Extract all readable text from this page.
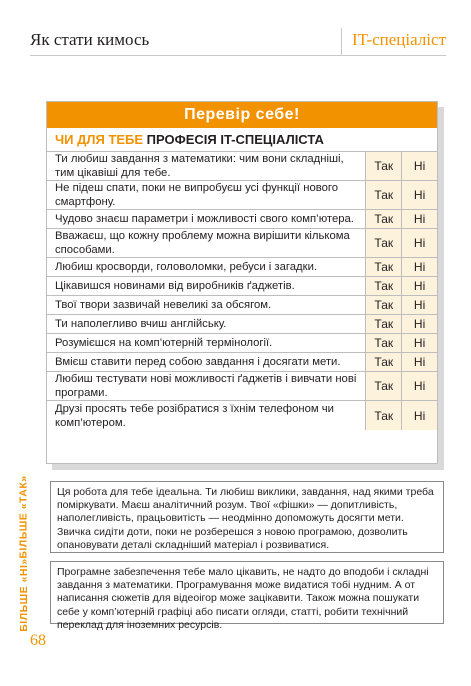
Як стати кимось	IT-спеціаліст
Перевір себе!
ЧИ ДЛЯ ТЕБЕ ПРОФЕСІЯ IT-СПЕЦІАЛІСТА
Ти любиш завдання з математики: чим вони складніші, тим цікавіші для тебе.	Так	Ні
Не підеш спати, поки не випробуєш усі функції нового смартфону.	Так	Ні
Чудово знаєш параметри і можливості свого комп’ютера.	Так	Ні
Вважаєш, що кожну проблему можна вирішити кількома способами.	Так	Ні
Любиш кросворди, головоломки, ребуси і загадки.	Так	Ні
Цікавишся новинами від виробників ґаджетів.	Так	Ні
Твої твори зазвичай невеликі за обсягом.	Так	Ні
Ти наполегливо вчиш англійську.	Так	Ні
Розумієшся на комп’ютерній термінології.	Так	Ні
Вмієш ставити перед собою завдання і досягати мети.	Так	Ні
Любиш тестувати нові можливості ґаджетів і вивчати нові програми.	Так	Ні
Друзі просять тебе розібратися з їхнім телефоном чи комп’ютером.	Так	Ні
БІЛЬШЕ «ТАК»	Ця робота для тебе ідеальна. Ти любиш виклики, завдання, над якими треба поміркувати. Маєш аналітичний розум. Твої «фішки» — допитливість, наполегливість, працьовитість — неодмінно допоможуть досягти мети. Звичка сидіти доти, поки не розберешся з новою програмою, дозволить опановувати деталі складніший матеріал і розвиватися.
БІЛЬШЕ «НІ»	Програмне забезпечення тебе мало цікавить, не надто до вподоби і складні завдання з математики. Програмування може видатися тобі нудним. А от написання сюжетів для відеоігор може зацікавити. Також можна пошукати себе у комп’ютерній графіці або писати огляди, статті, робити технічний переклад для іноземних ресурсів.
68
